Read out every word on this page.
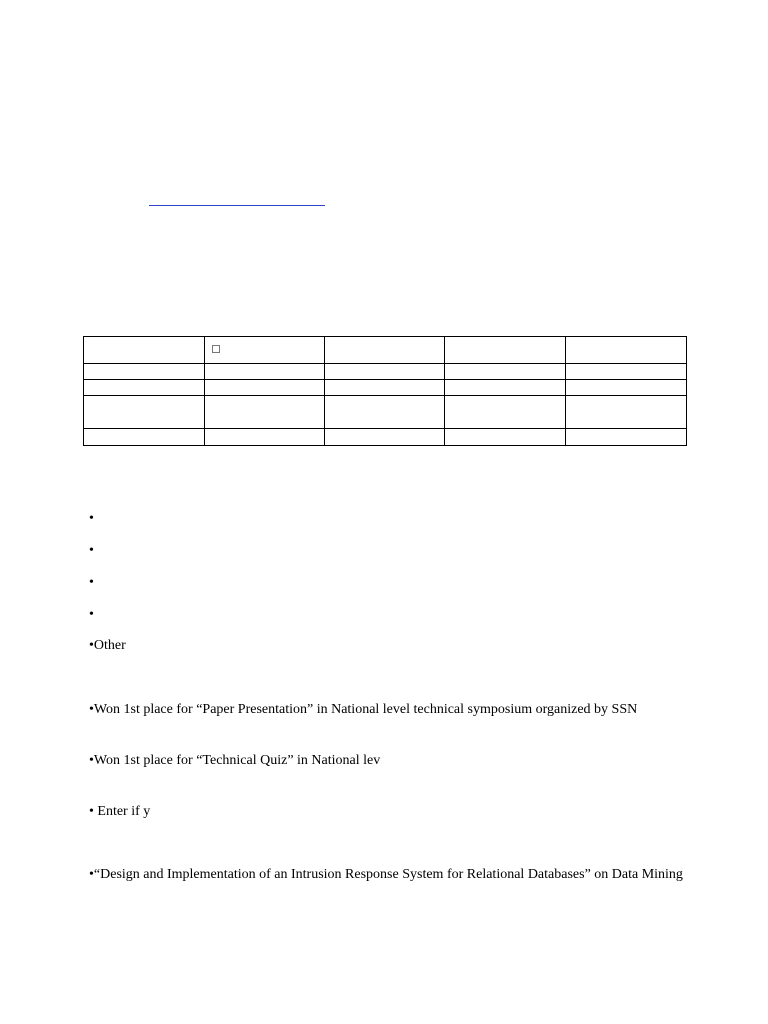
•
•
•
•
•Other
•Won 1st place for “Paper Presentation” in National level technical symposium organized by SSN
•Won 1st place for “Technical Quiz” in National lev
• Enter if y
•“Design and Implementation of an Intrusion Response System for Relational Databases” on Data Mining
